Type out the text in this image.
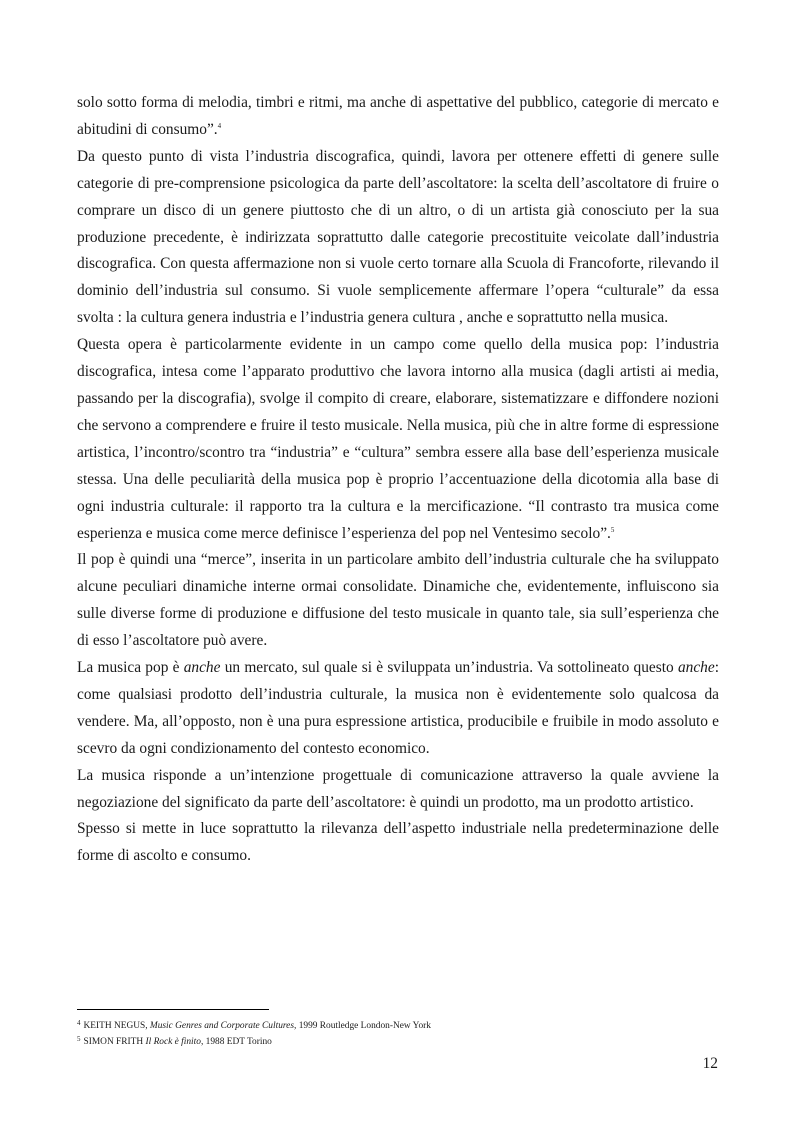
solo sotto forma di melodia, timbri e ritmi, ma anche di aspettative del pubblico, categorie di mercato e abitudini di consumo”.$^4$

Da questo punto di vista l’industria discografica, quindi, lavora per ottenere effetti di genere sulle categorie di pre-comprensione psicologica da parte dell’ascoltatore: la scelta dell’ascoltatore di fruire o comprare un disco di un genere piuttosto che di un altro, o di un artista già conosciuto per la sua produzione precedente, è indirizzata soprattutto dalle categorie precostituite veicolate dall’industria discografica. Con questa affermazione non si vuole certo tornare alla Scuola di Francoforte, rilevando il dominio dell’industria sul consumo. Si vuole semplicemente affermare l’opera “culturale” da essa svolta : la cultura genera industria e l’industria genera cultura , anche e soprattutto nella musica.

Questa opera è particolarmente evidente in un campo come quello della musica pop: l’industria discografica, intesa come l’apparato produttivo che lavora intorno alla musica (dagli artisti ai media, passando per la discografia), svolge il compito di creare, elaborare, sistematizzare e diffondere nozioni che servono a comprendere e fruire il testo musicale. Nella musica, più che in altre forme di espressione artistica, l’incontro/scontro tra “industria” e “cultura” sembra essere alla base dell’esperienza musicale stessa. Una delle peculiarità della musica pop è proprio l’accentuazione della dicotomia alla base di ogni industria culturale: il rapporto tra la cultura e la mercificazione. “Il contrasto tra musica come esperienza e musica come merce definisce l’esperienza del pop nel Ventesimo secolo”.$^5$

Il pop è quindi una “merce”, inserita in un particolare ambito dell’industria culturale che ha sviluppato alcune peculiari dinamiche interne ormai consolidate. Dinamiche che, evidentemente, influiscono sia sulle diverse forme di produzione e diffusione del testo musicale in quanto tale, sia sull’esperienza che di esso l’ascoltatore può avere.

La musica pop è anche un mercato, sul quale si è sviluppata un’industria. Va sottolineato questo anche: come qualsiasi prodotto dell’industria culturale, la musica non è evidentemente solo qualcosa da vendere. Ma, all’opposto, non è una pura espressione artistica, producibile e fruibile in modo assoluto e scevro da ogni condizionamento del contesto economico.

La musica risponde a un’intenzione progettuale di comunicazione attraverso la quale avviene la negoziazione del significato da parte dell’ascoltatore: è quindi un prodotto, ma un prodotto artistico.

Spesso si mette in luce soprattutto la rilevanza dell’aspetto industriale nella predeterminazione delle forme di ascolto e consumo.

$^4$ KEITH NEGUS, Music Genres and Corporate Cultures, 1999 Routledge London-New York
$^5$ SIMON FRITH Il Rock è finito, 1988 EDT Torino
12
